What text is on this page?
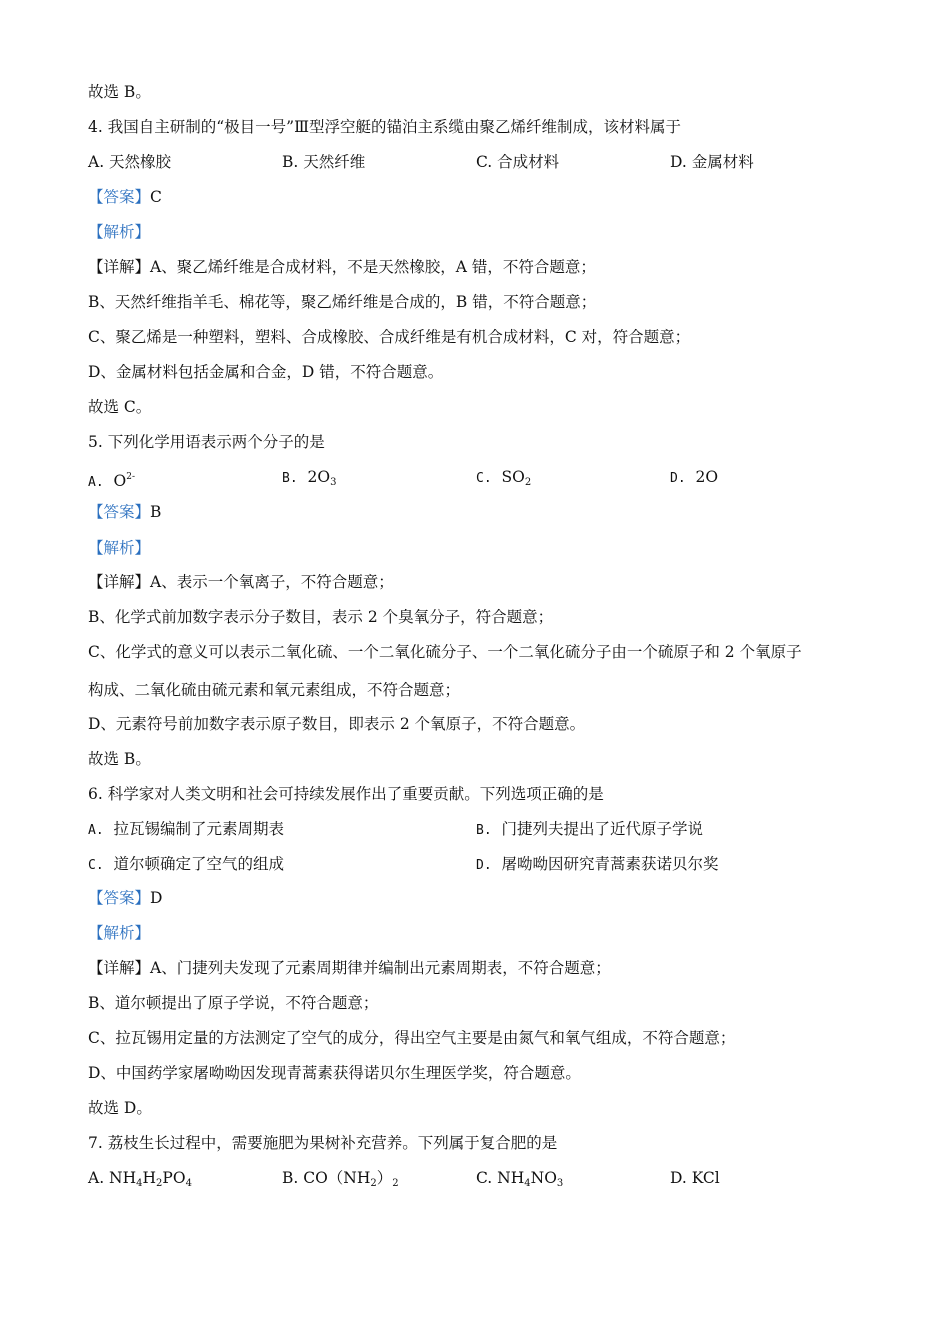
故选 B。
4. 我国自主研制的“极目一号”Ⅲ型浮空艇的锚泊主系缆由聚乙烯纤维制成，该材料属于
A. 天然橡胶	B. 天然纤维	C. 合成材料	D. 金属材料
【答案】C
【解析】
【详解】A、聚乙烯纤维是合成材料，不是天然橡胶，A 错，不符合题意；
B、天然纤维指羊毛、棉花等，聚乙烯纤维是合成的，B 错，不符合题意；
C、聚乙烯是一种塑料，塑料、合成橡胶、合成纤维是有机合成材料，C 对，符合题意；
D、金属材料包括金属和合金，D 错，不符合题意。
故选 C。
5. 下列化学用语表示两个分子的是
A. $O^{2-}$	B. $2O_3$	C. $SO_2$	D. 2O
【答案】B
【解析】
【详解】A、表示一个氧离子，不符合题意；
B、化学式前加数字表示分子数目，表示 2 个臭氧分子，符合题意；
C、化学式的意义可以表示二氧化硫、一个二氧化硫分子、一个二氧化硫分子由一个硫原子和 2 个氧原子
构成、二氧化硫由硫元素和氧元素组成，不符合题意；
D、元素符号前加数字表示原子数目，即表示 2 个氧原子，不符合题意。
故选 B。
6. 科学家对人类文明和社会可持续发展作出了重要贡献。下列选项正确的是
A. 拉瓦锡编制了元素周期表	B. 门捷列夫提出了近代原子学说
C. 道尔顿确定了空气的组成	D. 屠呦呦因研究青蒿素获诺贝尔奖
【答案】D
【解析】
【详解】A、门捷列夫发现了元素周期律并编制出元素周期表，不符合题意；
B、道尔顿提出了原子学说，不符合题意；
C、拉瓦锡用定量的方法测定了空气的成分，得出空气主要是由氮气和氧气组成，不符合题意；
D、中国药学家屠呦呦因发现青蒿素获得诺贝尔生理医学奖，符合题意。
故选 D。
7. 荔枝生长过程中，需要施肥为果树补充营养。下列属于复合肥的是
A. $NH_4H_2PO_4$	B. $CO(NH_2)_2$	C. $NH_4NO_3$	D. KCl
